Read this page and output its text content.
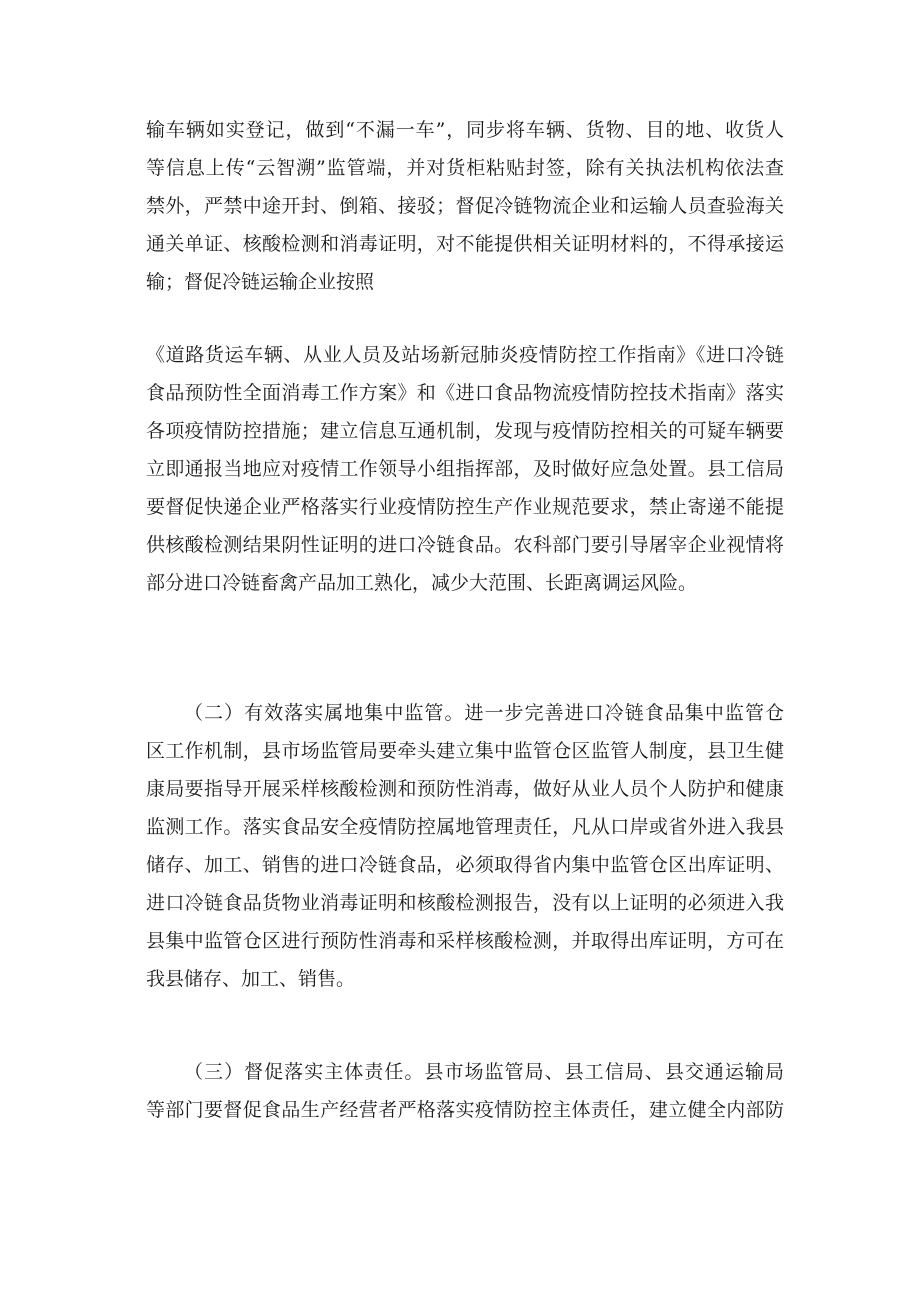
输车辆如实登记，做到“不漏一车”，同步将车辆、货物、目的地、收货人
等信息上传“云智溯”监管端，并对货柜粘贴封签，除有关执法机构依法查
禁外，严禁中途开封、倒箱、接驳；督促冷链物流企业和运输人员查验海关
通关单证、核酸检测和消毒证明，对不能提供相关证明材料的，不得承接运
输；督促冷链运输企业按照
《道路货运车辆、从业人员及站场新冠肺炎疫情防控工作指南》《进口冷链
食品预防性全面消毒工作方案》和《进口食品物流疫情防控技术指南》落实
各项疫情防控措施；建立信息互通机制，发现与疫情防控相关的可疑车辆要
立即通报当地应对疫情工作领导小组指挥部，及时做好应急处置。县工信局
要督促快递企业严格落实行业疫情防控生产作业规范要求，禁止寄递不能提
供核酸检测结果阴性证明的进口冷链食品。农科部门要引导屠宰企业视情将
部分进口冷链畜禽产品加工熟化，减少大范围、长距离调运风险。
（二）有效落实属地集中监管。进一步完善进口冷链食品集中监管仓
区工作机制，县市场监管局要牵头建立集中监管仓区监管人制度，县卫生健
康局要指导开展采样核酸检测和预防性消毒，做好从业人员个人防护和健康
监测工作。落实食品安全疫情防控属地管理责任，凡从口岸或省外进入我县
储存、加工、销售的进口冷链食品，必须取得省内集中监管仓区出库证明、
进口冷链食品货物业消毒证明和核酸检测报告，没有以上证明的必须进入我
县集中监管仓区进行预防性消毒和采样核酸检测，并取得出库证明，方可在
我县储存、加工、销售。
（三）督促落实主体责任。县市场监管局、县工信局、县交通运输局
等部门要督促食品生产经营者严格落实疫情防控主体责任，建立健全内部防
